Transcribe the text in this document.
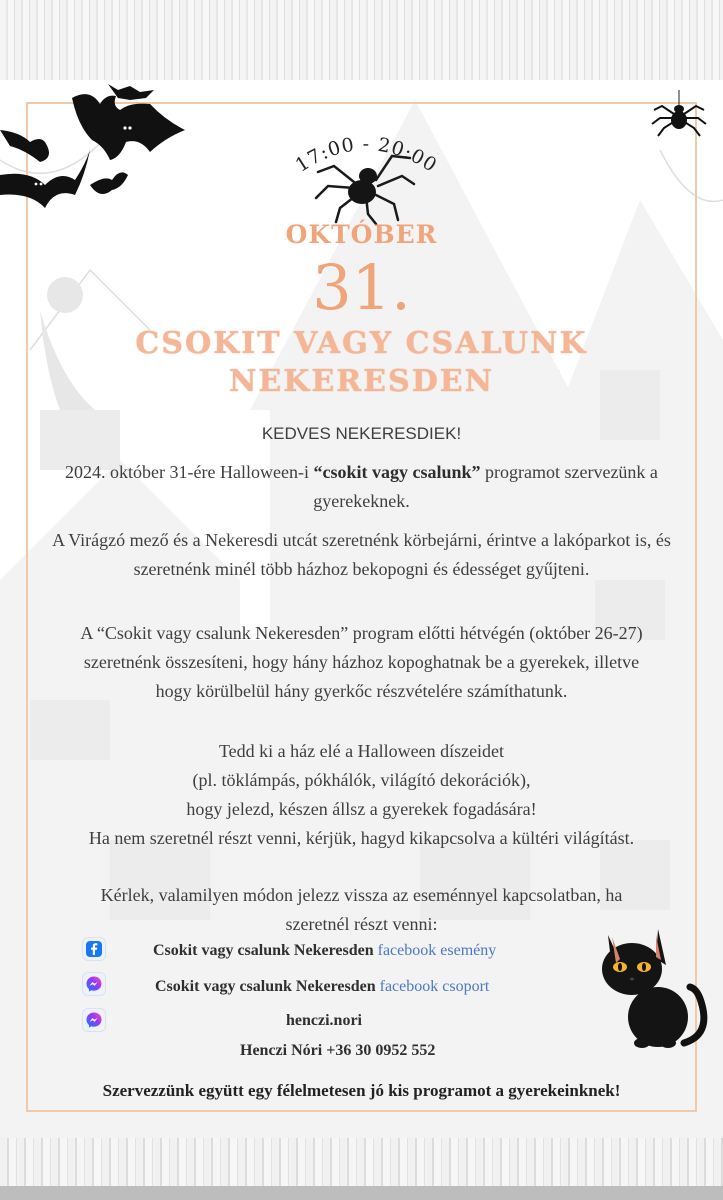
17:00 - 20:00
OKTÓBER
31.
CSOKIT VAGY CSALUNK
NEKERESDEN
KEDVES NEKERESDIEK!
2024. október 31-ére Halloween-i “csokit vagy csalunk” programot szervezünk a gyerekeknek.
A Virágzó mező és a Nekeresdi utcát szeretnénk körbejárni, érintve a lakóparkot is, és szeretnénk minél több házhoz bekopogni és édességet gyűjteni.
A “Csokit vagy csalunk Nekeresden” program előtti hétvégén (október 26-27) szeretnénk összesíteni, hogy hány házhoz kopoghatnak be a gyerekek, illetve hogy körülbelül hány gyerkőc részvételére számíthatunk.
Tedd ki a ház elé a Halloween díszeidet
(pl. töklámpás, pókhálók, világító dekorációk),
hogy jelezd, készen állsz a gyerekek fogadására!
Ha nem szeretnél részt venni, kérjük, hagyd kikapcsolva a kültéri világítást.
Kérlek, valamilyen módon jelezz vissza az eseménnyel kapcsolatban, ha szeretnél részt venni:
Csokit vagy csalunk Nekeresden facebook esemény
Csokit vagy csalunk Nekeresden facebook csoport
henczi.nori
Henczi Nóri +36 30 0952 552
Szervezzünk együtt egy félelmetesen jó kis programot a gyerekeinknek!
